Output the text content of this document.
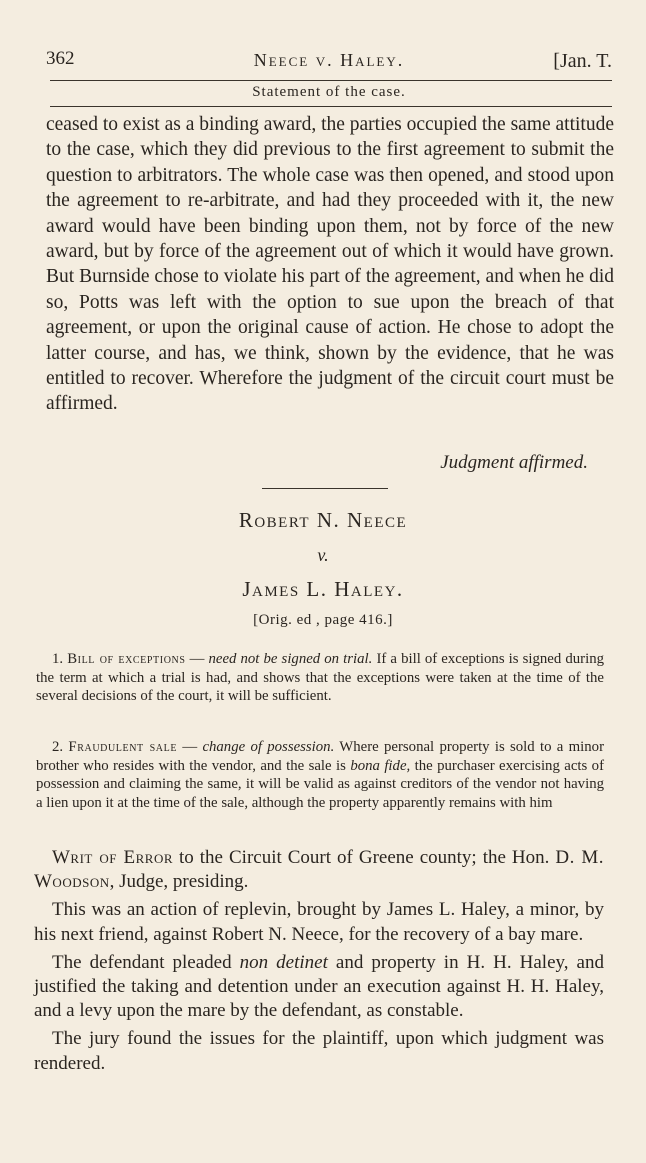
362	Neece v. Haley.	[Jan. T.
Statement of the case.

ceased to exist as a binding award, the parties occupied the same attitude to the case, which they did previous to the first agreement to submit the question to arbitrators. The whole case was then opened, and stood upon the agreement to re-arbitrate, and had they proceeded with it, the new award would have been binding upon them, not by force of the new award, but by force of the agreement out of which it would have grown. But Burnside chose to violate his part of the agreement, and when he did so, Potts was left with the option to sue upon the breach of that agreement, or upon the original cause of action. He chose to adopt the latter course, and has, we think, shown by the evidence, that he was entitled to recover. Wherefore the judgment of the circuit court must be affirmed.

Judgment affirmed.
Robert N. Neece
v.
James L. Haley.
[Orig. ed , page 416.]

1. Bill of exceptions — need not be signed on trial. If a bill of exceptions is signed during the term at which a trial is had, and shows that the exceptions were taken at the time of the several decisions of the court, it will be sufficient.

2. Fraudulent sale — change of possession. Where personal property is sold to a minor brother who resides with the vendor, and the sale is bona fide, the purchaser exercising acts of possession and claiming the same, it will be valid as against creditors of the vendor not having a lien upon it at the time of the sale, although the property apparently remains with him

Writ of Error to the Circuit Court of Greene county; the Hon. D. M. Woodson, Judge, presiding.

This was an action of replevin, brought by James L. Haley, a minor, by his next friend, against Robert N. Neece, for the recovery of a bay mare.

The defendant pleaded non detinet and property in H. H. Haley, and justified the taking and detention under an execution against H. H. Haley, and a levy upon the mare by the defendant, as constable.

The jury found the issues for the plaintiff, upon which judgment was rendered.
